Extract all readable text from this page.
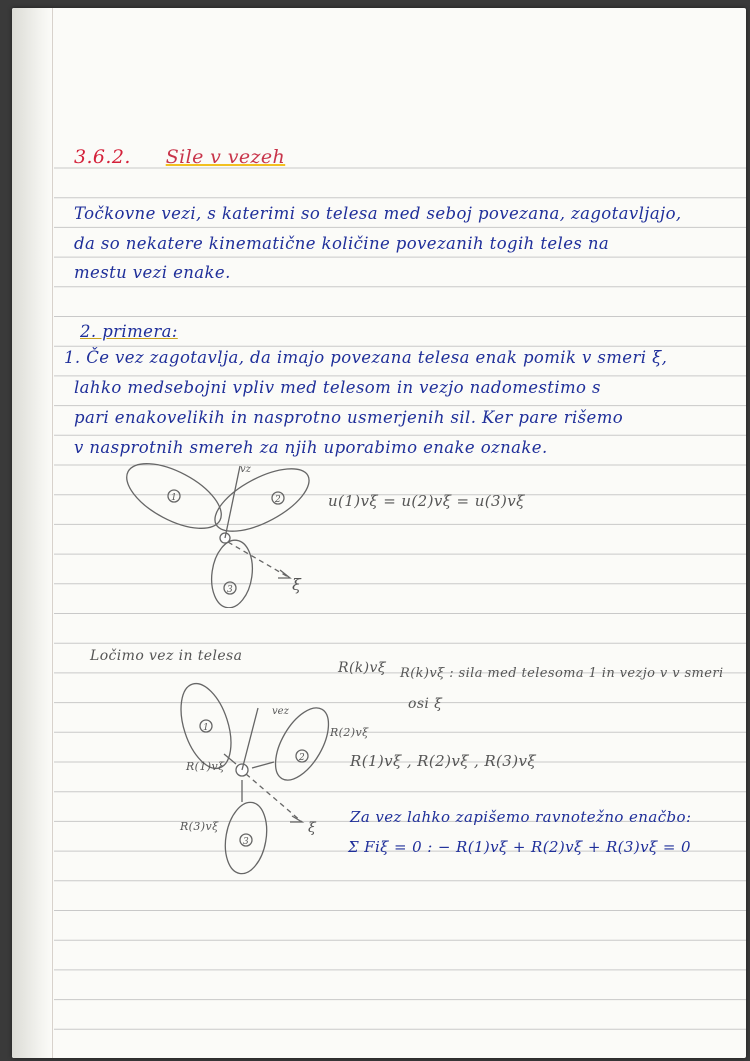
3.6.2. Sile v vezeh
Točkovne vezi, s katerimi so telesa med seboj povezana, zagotavljajo,
da so nekatere kinematične količine povezanih togih teles na
mestu vezi enake.
2. primera:
1. Če vez zagotavlja, da imajo povezana telesa enak pomik v smeri ξ,
lahko medsebojni vpliv med telesom in vezjo nadomestimo s
pari enakovelikih in nasprotno usmerjenih sil. Ker pare rišemo
v nasprotnih smereh za njih uporabimo enake oznake.
1	2
3
vz
ξ
u(1)vξ = u(2)vξ = u(3)vξ
Ločimo vez in telesa
1
2
3
vez
ξ
R(1)vξ
R(2)vξ
R(3)vξ
R(k)vξ R(k)vξ : sila med telesoma 1 in vezjo v v smeri
osi ξ
R(1)vξ , R(2)vξ , R(3)vξ
Za vez lahko zapišemo ravnotežno enačbo:
Σ Fiξ = 0 : − R(1)vξ + R(2)vξ + R(3)vξ = 0
